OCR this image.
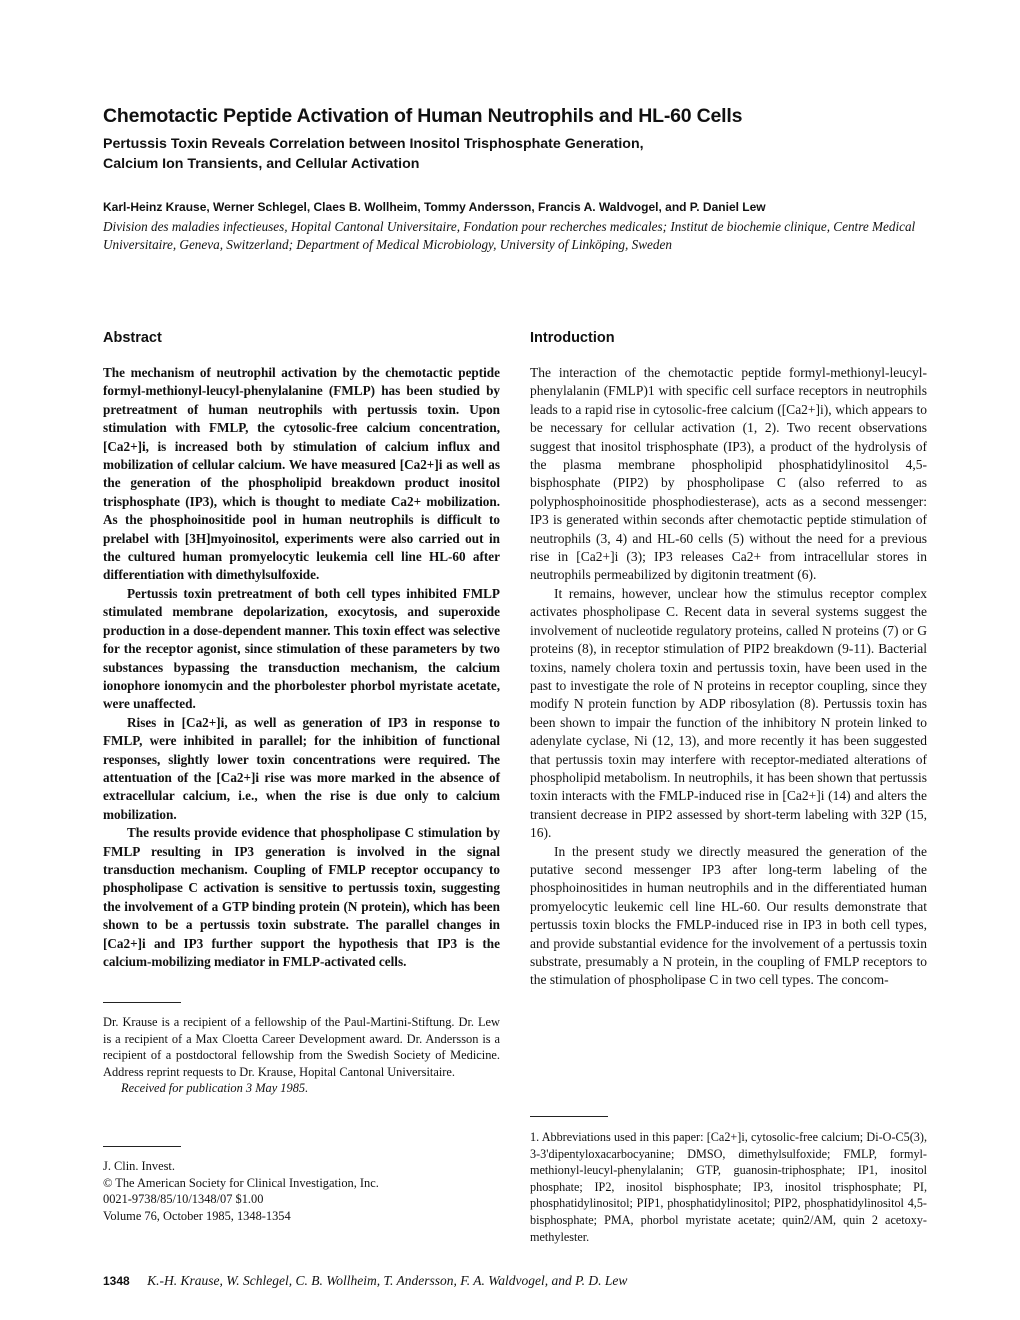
Chemotactic Peptide Activation of Human Neutrophils and HL-60 Cells
Pertussis Toxin Reveals Correlation between Inositol Trisphosphate Generation,
Calcium Ion Transients, and Cellular Activation
Karl-Heinz Krause, Werner Schlegel, Claes B. Wollheim, Tommy Andersson, Francis A. Waldvogel, and P. Daniel Lew
Division des maladies infectieuses, Hopital Cantonal Universitaire, Fondation pour recherches medicales; Institut de biochemie clinique, Centre Medical Universitaire, Geneva, Switzerland; Department of Medical Microbiology, University of Linköping, Sweden
Abstract

The mechanism of neutrophil activation by the chemotactic peptide formyl-methionyl-leucyl-phenylalanine (FMLP) has been studied by pretreatment of human neutrophils with pertussis toxin. Upon stimulation with FMLP, the cytosolic-free calcium concentration, [Ca2+]i, is increased both by stimulation of calcium influx and mobilization of cellular calcium. We have measured [Ca2+]i as well as the generation of the phospholipid breakdown product inositol trisphosphate (IP3), which is thought to mediate Ca2+ mobilization. As the phosphoinositide pool in human neutrophils is difficult to prelabel with [3H]myoinositol, experiments were also carried out in the cultured human promyelocytic leukemia cell line HL-60 after differentiation with dimethylsulfoxide.

Pertussis toxin pretreatment of both cell types inhibited FMLP stimulated membrane depolarization, exocytosis, and superoxide production in a dose-dependent manner. This toxin effect was selective for the receptor agonist, since stimulation of these parameters by two substances bypassing the transduction mechanism, the calcium ionophore ionomycin and the phorbolester phorbol myristate acetate, were unaffected.

Rises in [Ca2+]i, as well as generation of IP3 in response to FMLP, were inhibited in parallel; for the inhibition of functional responses, slightly lower toxin concentrations were required. The attentuation of the [Ca2+]i rise was more marked in the absence of extracellular calcium, i.e., when the rise is due only to calcium mobilization.

The results provide evidence that phospholipase C stimulation by FMLP resulting in IP3 generation is involved in the signal transduction mechanism. Coupling of FMLP receptor occupancy to phospholipase C activation is sensitive to pertussis toxin, suggesting the involvement of a GTP binding protein (N protein), which has been shown to be a pertussis toxin substrate. The parallel changes in [Ca2+]i and IP3 further support the hypothesis that IP3 is the calcium-mobilizing mediator in FMLP-activated cells.

Dr. Krause is a recipient of a fellowship of the Paul-Martini-Stiftung. Dr. Lew is a recipient of a Max Cloetta Career Development award. Dr. Andersson is a recipient of a postdoctoral fellowship from the Swedish Society of Medicine. Address reprint requests to Dr. Krause, Hopital Cantonal Universitaire.

Received for publication 3 May 1985.

J. Clin. Invest.
© The American Society for Clinical Investigation, Inc.
0021-9738/85/10/1348/07 $1.00
Volume 76, October 1985, 1348-1354
Introduction

The interaction of the chemotactic peptide formyl-methionyl-leucyl-phenylalanin (FMLP)1 with specific cell surface receptors in neutrophils leads to a rapid rise in cytosolic-free calcium ([Ca2+]i), which appears to be necessary for cellular activation (1, 2). Two recent observations suggest that inositol trisphosphate (IP3), a product of the hydrolysis of the plasma membrane phospholipid phosphatidylinositol 4,5-bisphosphate (PIP2) by phospholipase C (also referred to as polyphosphoinositide phosphodiesterase), acts as a second messenger: IP3 is generated within seconds after chemotactic peptide stimulation of neutrophils (3, 4) and HL-60 cells (5) without the need for a previous rise in [Ca2+]i (3); IP3 releases Ca2+ from intracellular stores in neutrophils permeabilized by digitonin treatment (6).

It remains, however, unclear how the stimulus receptor complex activates phospholipase C. Recent data in several systems suggest the involvement of nucleotide regulatory proteins, called N proteins (7) or G proteins (8), in receptor stimulation of PIP2 breakdown (9-11). Bacterial toxins, namely cholera toxin and pertussis toxin, have been used in the past to investigate the role of N proteins in receptor coupling, since they modify N protein function by ADP ribosylation (8). Pertussis toxin has been shown to impair the function of the inhibitory N protein linked to adenylate cyclase, Ni (12, 13), and more recently it has been suggested that pertussis toxin may interfere with receptor-mediated alterations of phospholipid metabolism. In neutrophils, it has been shown that pertussis toxin interacts with the FMLP-induced rise in [Ca2+]i (14) and alters the transient decrease in PIP2 assessed by short-term labeling with 32P (15, 16).

In the present study we directly measured the generation of the putative second messenger IP3 after long-term labeling of the phosphoinositides in human neutrophils and in the differentiated human promyelocytic leukemic cell line HL-60. Our results demonstrate that pertussis toxin blocks the FMLP-induced rise in IP3 in both cell types, and provide substantial evidence for the involvement of a pertussis toxin substrate, presumably a N protein, in the coupling of FMLP receptors to the stimulation of phospholipase C in two cell types. The concom-

1. Abbreviations used in this paper: [Ca2+]i, cytosolic-free calcium; Di-O-C5(3), 3-3'dipentyloxacarbocyanine; DMSO, dimethylsulfoxide; FMLP, formyl-methionyl-leucyl-phenylalanin; GTP, guanosin-triphosphate; IP1, inositol phosphate; IP2, inositol bisphosphate; IP3, inositol trisphosphate; PI, phosphatidylinositol; PIP1, phosphatidylinositol; PIP2, phosphatidylinositol 4,5-bisphosphate; PMA, phorbol myristate acetate; quin2/AM, quin 2 acetoxy-methylester.

1348 K.-H. Krause, W. Schlegel, C. B. Wollheim, T. Andersson, F. A. Waldvogel, and P. D. Lew
